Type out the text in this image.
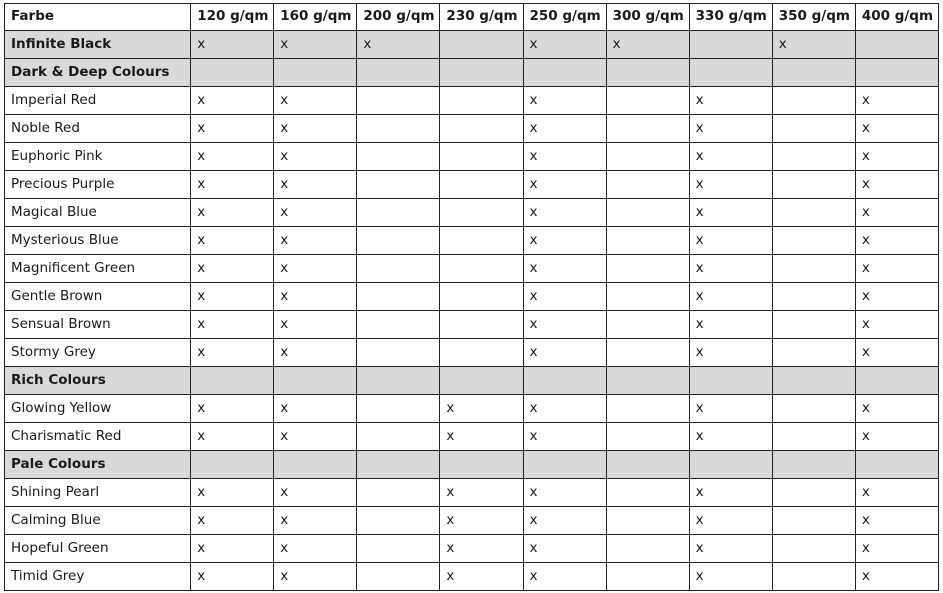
Farbe	120 g/qm	160 g/qm	200 g/qm	230 g/qm	250 g/qm	300 g/qm	330 g/qm	350 g/qm	400 g/qm
Infinite Black	x	x	x		x	x		x	
Dark & Deep Colours									
Imperial Red	x	x			x		x		x
Noble Red	x	x			x		x		x
Euphoric Pink	x	x			x		x		x
Precious Purple	x	x			x		x		x
Magical Blue	x	x			x		x		x
Mysterious Blue	x	x			x		x		x
Magnificent Green	x	x			x		x		x
Gentle Brown	x	x			x		x		x
Sensual Brown	x	x			x		x		x
Stormy Grey	x	x			x		x		x
Rich Colours									
Glowing Yellow	x	x		x	x		x		x
Charismatic Red	x	x		x	x		x		x
Pale Colours									
Shining Pearl	x	x		x	x		x		x
Calming Blue	x	x		x	x		x		x
Hopeful Green	x	x		x	x		x		x
Timid Grey	x	x		x	x		x		x
